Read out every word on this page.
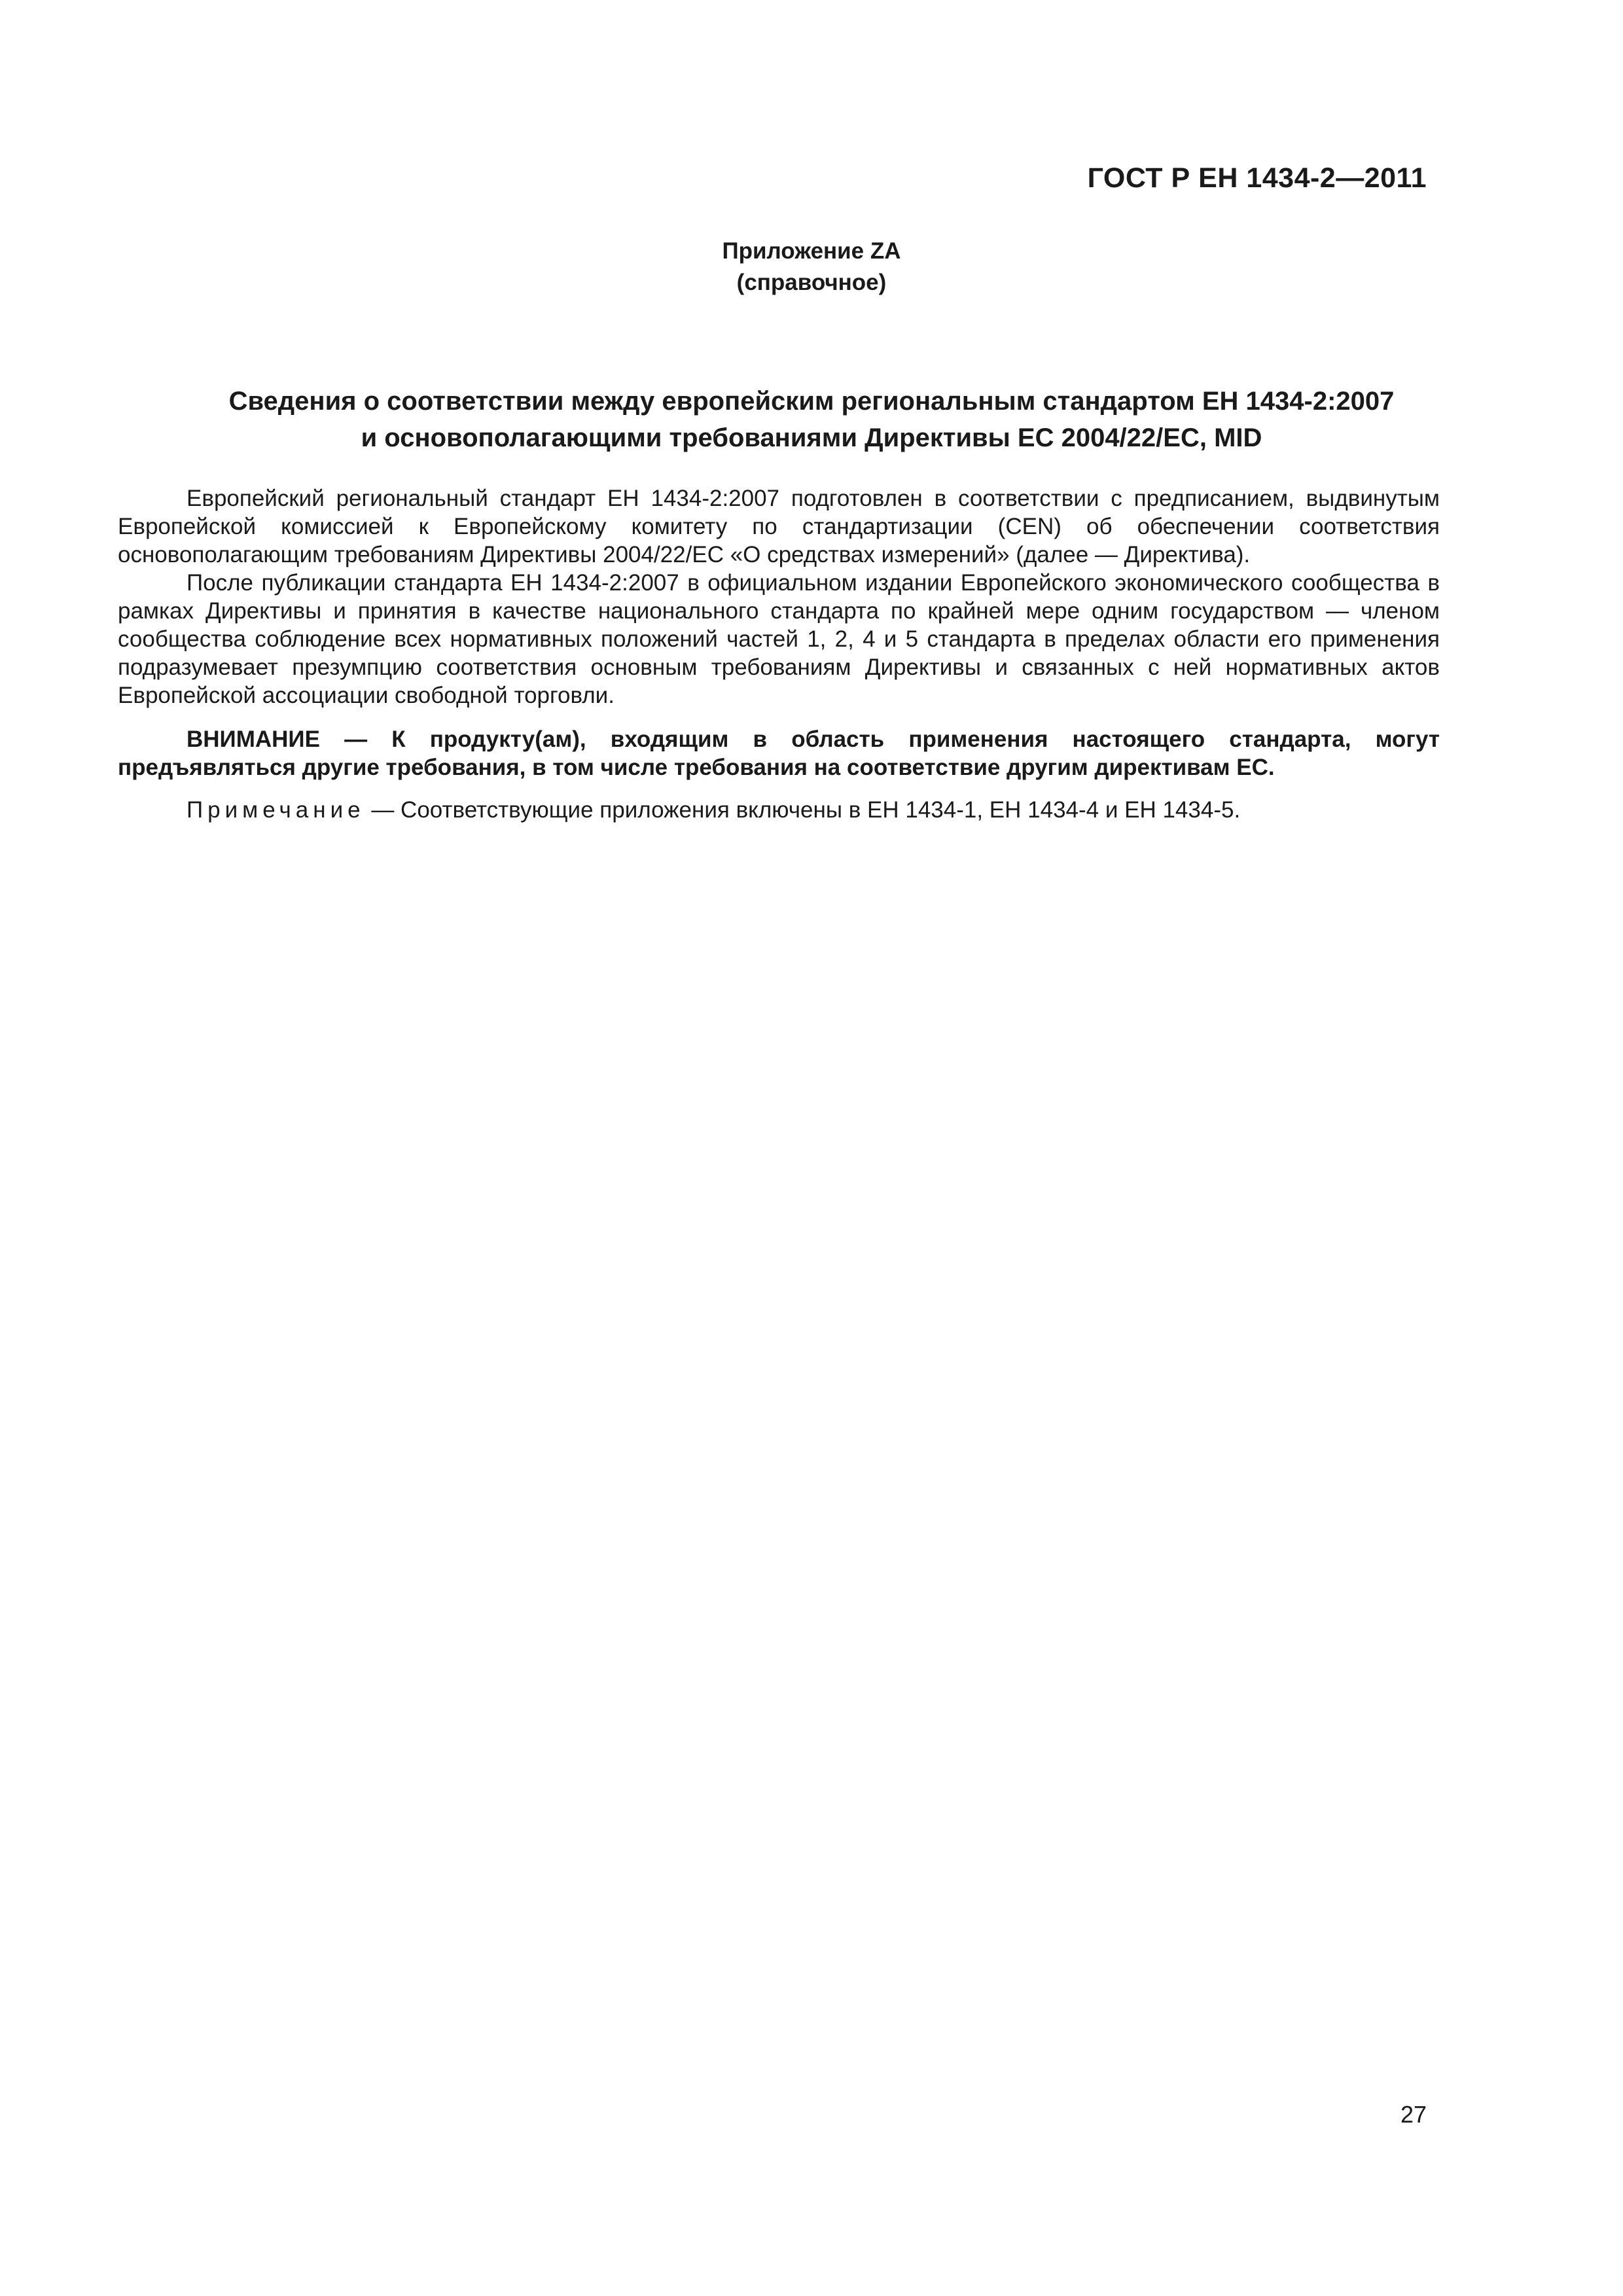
ГОСТ Р ЕН 1434-2—2011
Приложение ZA
(справочное)
Сведения о соответствии между европейским региональным стандартом ЕН 1434-2:2007
и основополагающими требованиями Директивы ЕС 2004/22/ЕС, MID

Европейский региональный стандарт ЕН 1434-2:2007 подготовлен в соответствии с предписанием, выдвинутым Европейской комиссией к Европейскому комитету по стандартизации (CEN) об обеспечении соответствия основополагающим требованиям Директивы 2004/22/ЕС «О средствах измерений» (далее — Директива).

После публикации стандарта ЕН 1434-2:2007 в официальном издании Европейского экономического сообщества в рамках Директивы и принятия в качестве национального стандарта по крайней мере одним государством — членом сообщества соблюдение всех нормативных положений частей 1, 2, 4 и 5 стандарта в пределах области его применения подразумевает презумпцию соответствия основным требованиям Директивы и связанных с ней нормативных актов Европейской ассоциации свободной торговли.

ВНИМАНИЕ — К продукту(ам), входящим в область применения настоящего стандарта, могут предъявляться другие требования, в том числе требования на соответствие другим директивам ЕС.

Примечание — Соответствующие приложения включены в ЕН 1434-1, ЕН 1434-4 и ЕН 1434-5.

27
